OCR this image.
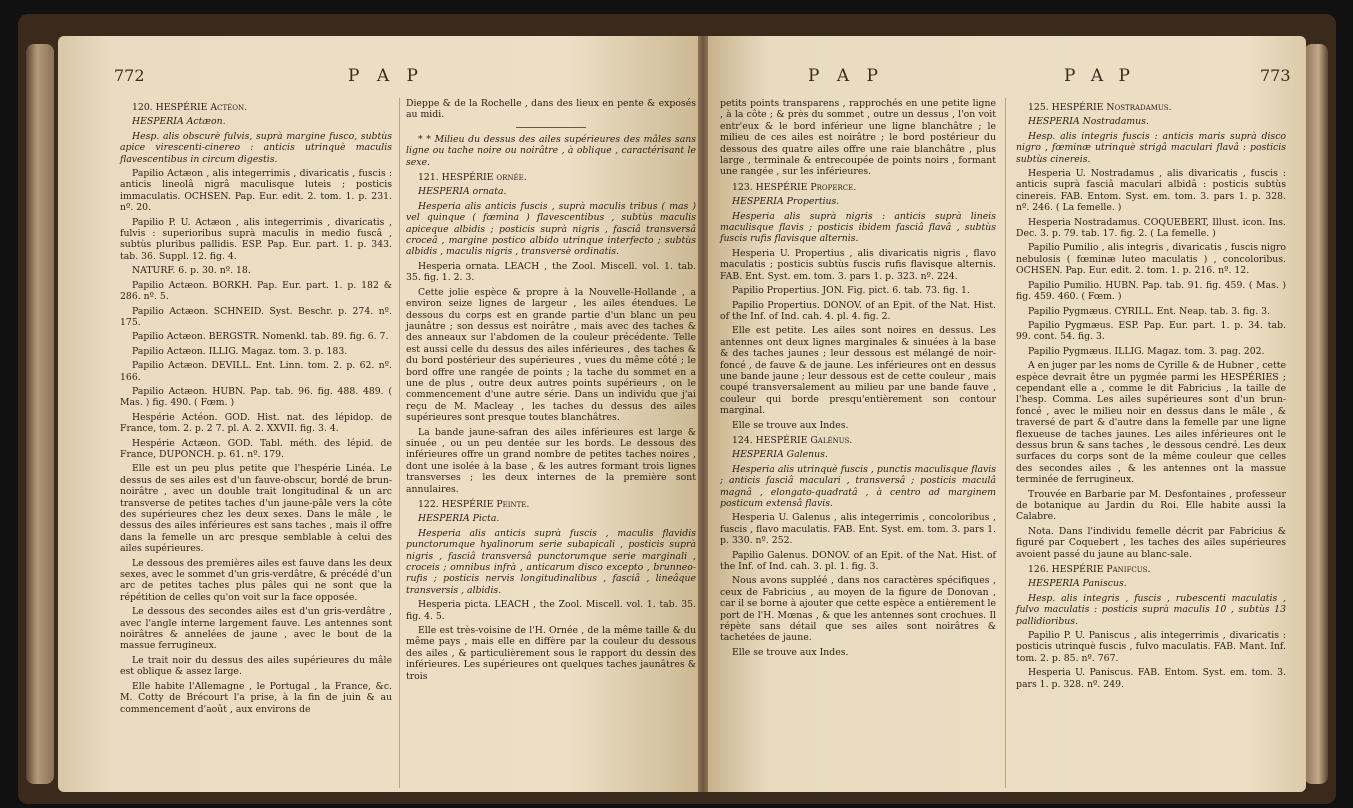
772	P A P

120. HESPÉRIE Actéon.

HESPERIA Actæon.

Hesp. alis obscurè fulvis, suprà margine fusco, subtùs apice virescenti-cinereo : anticis utrinquè maculis flavescentibus in circum digestis.

Papilio Actæon , alis integerrimis , divaricatis , fuscis : anticis lineolâ nigrâ maculisque luteis ; posticis immaculatis. OCHSEN. Pap. Eur. edit. 2. tom. 1. p. 231. nº. 20.

Papilio P. U. Actæon , alis integerrimis , divaricatis , fulvis : superioribus suprà maculis in medio fuscâ , subtùs pluribus pallidis. ESP. Pap. Eur. part. 1. p. 343. tab. 36. Suppl. 12. fig. 4.

NATURF. 6. p. 30. nº. 18.

Papilio Actæon. BORKH. Pap. Eur. part. 1. p. 182 & 286. nº. 5.

Papilio Actæon. SCHNEID. Syst. Beschr. p. 274. nº. 175.

Papilio Actæon. BERGSTR. Nomenkl. tab. 89. fig. 6. 7.

Papilio Actæon. ILLIG. Magaz. tom. 3. p. 183.

Papilio Actæon. DEVILL. Ent. Linn. tom. 2. p. 62. nº. 166.

Papilio Actæon. HUBN. Pap. tab. 96. fig. 488. 489. ( Mas. ) fig. 490. ( Fœm. )

Hespérie Actéon. GOD. Hist. nat. des lépidop. de France, tom. 2. p. 2 7. pl. A. 2. XXVII. fig. 3. 4.

Hespérie Actæon. GOD. Tabl. méth. des lépid. de France, DUPONCH. p. 61. nº. 179.

Elle est un peu plus petite que l'hespérie Linéa. Le dessus de ses ailes est d'un fauve-obscur, bordé de brun-noirâtre , avec un double trait longitudinal & un arc transverse de petites taches d'un jaune-pâle vers la côte des supérieures chez les deux sexes. Dans le mâle , le dessus des ailes inférieures est sans taches , mais il offre dans la femelle un arc presque semblable à celui des ailes supérieures.

Le dessous des premières ailes est fauve dans les deux sexes, avec le sommet d'un gris-verdâtre, & précédé d'un arc de petites taches plus pâles qui ne sont que la répétition de celles qu'on voit sur la face opposée.

Le dessous des secondes ailes est d'un gris-verdâtre , avec l'angle interne largement fauve. Les antennes sont noirâtres & annelées de jaune , avec le bout de la massue ferrugineux.

Le trait noir du dessus des ailes supérieures du mâle est oblique & assez large.

Elle habite l'Allemagne , le Portugal , la France, &c. M. Cotty de Brécourt l'a prise, à la fin de juin & au commencement d'août , aux environs de

Dieppe & de la Rochelle , dans des lieux en pente & exposés au midi.

* * Milieu du dessus des ailes supérieures des mâles sans ligne ou tache noire ou noirâtre , à oblique , caractérisant le sexe.

121. HESPÉRIE ornée.

HESPERIA ornata.

Hesperia alis anticis fuscis , suprà maculis tribus ( mas ) vel quinque ( fœmina ) flavescentibus , subtùs maculis apiceque albidis ; posticis suprà nigris , fasciâ transversâ croceâ , margine postico albido utrinque interfecto ; subtùs albidis , maculis nigris , transversè ordinatis.

Hesperia ornata. LEACH , the Zool. Miscell. vol. 1. tab. 35. fig. 1. 2. 3.

Cette jolie espèce & propre à la Nouvelle-Hollande , a environ seize lignes de largeur , les ailes étendues. Le dessous du corps est en grande partie d'un blanc un peu jaunâtre ; son dessus est noirâtre , mais avec des taches & des anneaux sur l'abdomen de la couleur précédente. Telle est aussi celle du dessus des ailes inférieures , des taches & du bord postérieur des supérieures , vues du même côté ; le bord offre une rangée de points ; la tache du sommet en a une de plus , outre deux autres points supérieurs , on le commencement d'une autre série. Dans un individu que j'ai reçu de M. Macleay , les taches du dessus des ailes supérieures sont presque toutes blanchâtres.

La bande jaune-safran des ailes inférieures est large & sinuée , ou un peu dentée sur les bords. Le dessous des inférieures offre un grand nombre de petites taches noires , dont une isolée à la base , & les autres formant trois lignes transverses ; les deux internes de la première sont annulaires.

122. HESPÉRIE Peinte.

HESPERIA Picta.

Hesperia alis anticis suprà fuscis , maculis flavidis punctorumque hyalinorum serie subapicali , posticis suprà nigris , fasciâ transversâ punctorumque serie marginali , croceis ; omnibus infrà , anticarum disco excepto , brunneo-rufis ; posticis nervis longitudinalibus , fasciâ , lineâque transversis , albidis.

Hesperia picta. LEACH , the Zool. Miscell. vol. 1. tab. 35. fig. 4. 5.

Elle est très-voisine de l'H. Ornée , de la même taille & du même pays , mais elle en diffère par la couleur du dessous des ailes , & particulièrement sous le rapport du dessin des inférieures. Les supérieures ont quelques taches jaunâtres & trois

P A P	P A P	773

petits points transparens , rapprochés en une petite ligne , à la côte ; & près du sommet , outre un dessus , l'on voit entr'eux & le bord inférieur une ligne blanchâtre ; le milieu de ces ailes est noirâtre ; le bord postérieur du dessous des quatre ailes offre une raie blanchâtre , plus large , terminale & entrecoupée de points noirs , formant une rangée , sur les inférieures.

123. HESPÉRIE Properce.

HESPERIA Propertius.

Hesperia alis suprà nigris : anticis suprà lineis maculisque flavis ; posticis ibidem fasciâ flavâ , subtùs fuscis rufis flavisque alternis.

Hesperia U. Propertius , alis divaricatis nigris , flavo maculatis ; posticis subtùs fuscis rufis flavisque alternis. FAB. Ent. Syst. em. tom. 3. pars 1. p. 323. nº. 224.

Papilio Propertius. JON. Fig. pict. 6. tab. 73. fig. 1.

Papilio Propertius. DONOV. of an Epit. of the Nat. Hist. of the Inf. of Ind. cah. 4. pl. 4. fig. 2.

Elle est petite. Les ailes sont noires en dessus. Les antennes ont deux lignes marginales & sinuées à la base & des taches jaunes ; leur dessous est mélangé de noir-foncé , de fauve & de jaune. Les inférieures ont en dessus une bande jaune ; leur dessous est de cette couleur , mais coupé transversalement au milieu par une bande fauve , couleur qui borde presqu'entièrement son contour marginal.

Elle se trouve aux Indes.

124. HESPÉRIE Galénus.

HESPERIA Galenus.

Hesperia alis utrinquè fuscis , punctis maculisque flavis ; anticis fasciâ maculari , transversâ ; posticis maculâ magnâ , elongato-quadratâ , à centro ad marginem posticum extensâ flavis.

Hesperia U. Galenus , alis integerrimis , concoloribus , fuscis , flavo maculatis. FAB. Ent. Syst. em. tom. 3. pars 1. p. 330. nº. 252.

Papilio Galenus. DONOV. of an Epit. of the Nat. Hist. of the Inf. of Ind. cah. 3. pl. 1. fig. 3.

Nous avons suppléé , dans nos caractères spécifiques , ceux de Fabricius , au moyen de la figure de Donovan , car il se borne à ajouter que cette espèce a entièrement le port de l'H. Mœnas , & que les antennes sont crochues. Il répète sans détail que ses ailes sont noirâtres & tachetées de jaune.

Elle se trouve aux Indes.

125. HESPÉRIE Nostradamus.

HESPERIA Nostradamus.

Hesp. alis integris fuscis : anticis maris suprà disco nigro , fœminæ utrinquè strigâ maculari flavâ : posticis subtùs cinereis.

Hesperia U. Nostradamus , alis divaricatis , fuscis : anticis suprà fasciâ maculari albidâ : posticis subtùs cinereis. FAB. Entom. Syst. em. tom. 3. pars 1. p. 328. nº. 246. ( La femelle. )

Hesperia Nostradamus. COQUEBERT, Illust. icon. Ins. Dec. 3. p. 79. tab. 17. fig. 2. ( La femelle. )

Papilio Pumilio , alis integris , divaricatis , fuscis nigro nebulosis ( fœminæ luteo maculatis ) , concoloribus. OCHSEN. Pap. Eur. edit. 2. tom. 1. p. 216. nº. 12.

Papilio Pumilio. HUBN. Pap. tab. 91. fig. 459. ( Mas. ) fig. 459. 460. ( Fœm. )

Papilio Pygmæus. CYRILL. Ent. Neap. tab. 3. fig. 3.

Papilio Pygmæus. ESP. Pap. Eur. part. 1. p. 34. tab. 99. cont. 54. fig. 3.

Papilio Pygmæus. ILLIG. Magaz. tom. 3. pag. 202.

A en juger par les noms de Cyrille & de Hubner , cette espèce devrait être un pygmée parmi les HESPÉRIES ; cependant elle a , comme le dit Fabricius , la taille de l'hesp. Comma. Les ailes supérieures sont d'un brun-foncé , avec le milieu noir en dessus dans le mâle , & traversé de part & d'autre dans la femelle par une ligne flexueuse de taches jaunes. Les ailes inférieures ont le dessus brun & sans taches , le dessous cendré. Les deux surfaces du corps sont de la même couleur que celles des secondes ailes , & les antennes ont la massue terminée de ferrugineux.

Trouvée en Barbarie par M. Desfontaines , professeur de botanique au Jardin du Roi. Elle habite aussi la Calabre.

Nota. Dans l'individu femelle décrit par Fabricius & figuré par Coquebert , les taches des ailes supérieures avoient passé du jaune au blanc-sale.

126. HESPÉRIE Panifcus.

HESPERIA Paniscus.

Hesp. alis integris , fuscis , rubescenti maculatis , fulvo maculatis : posticis suprà maculis 10 , subtùs 13 pallidioribus.

Papilio P. U. Paniscus , alis integerrimis , divaricatis : posticis utrinquè fuscis , fulvo maculatis. FAB. Mant. Inf. tom. 2. p. 85. nº. 767.

Hesperia U. Paniscus. FAB. Entom. Syst. em. tom. 3. pars 1. p. 328. nº. 249.
